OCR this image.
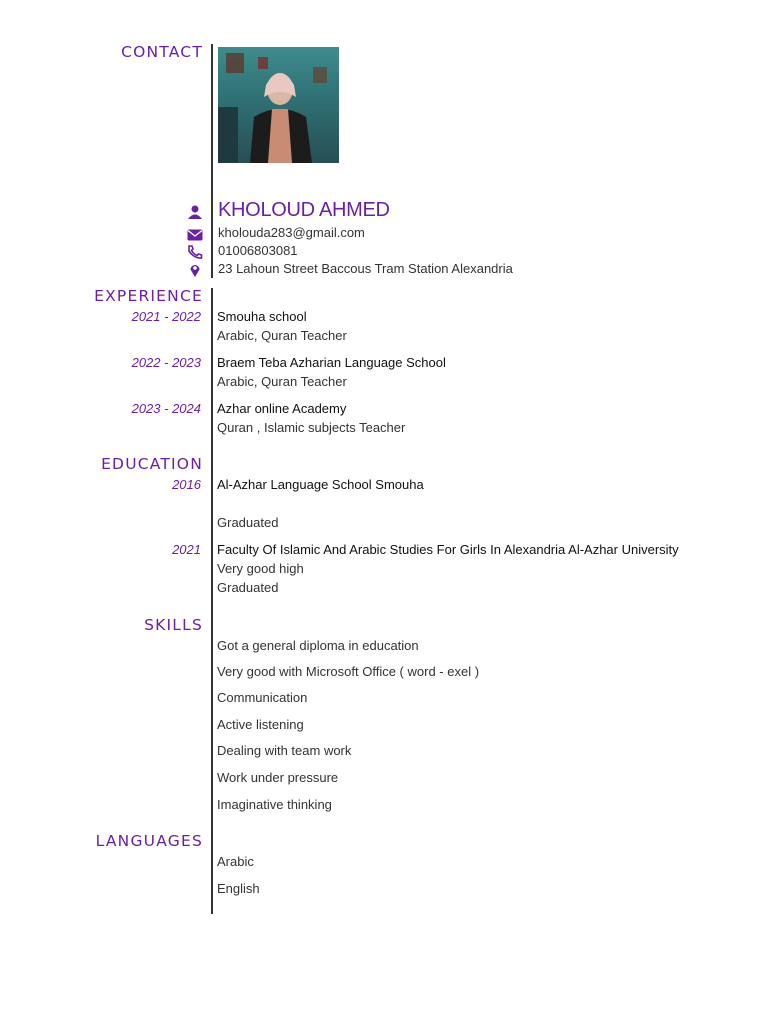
CONTACT
KHOLOUD AHMED
kholouda283@gmail.com
01006803081
23 Lahoun Street Baccous Tram Station Alexandria
EXPERIENCE
2021 - 2022 Smouha school
Arabic, Quran Teacher
2022 - 2023 Braem Teba Azharian Language School
Arabic, Quran Teacher
2023 - 2024 Azhar online Academy
Quran , Islamic subjects Teacher
EDUCATION
2016 Al-Azhar Language School Smouha
Graduated
2021 Faculty Of Islamic And Arabic Studies For Girls In Alexandria Al-Azhar University
Very good high
Graduated
SKILLS
Got a general diploma in education
Very good with Microsoft Office ( word - exel )
Communication
Active listening
Dealing with team work
Work under pressure
Imaginative thinking
LANGUAGES
Arabic
English
